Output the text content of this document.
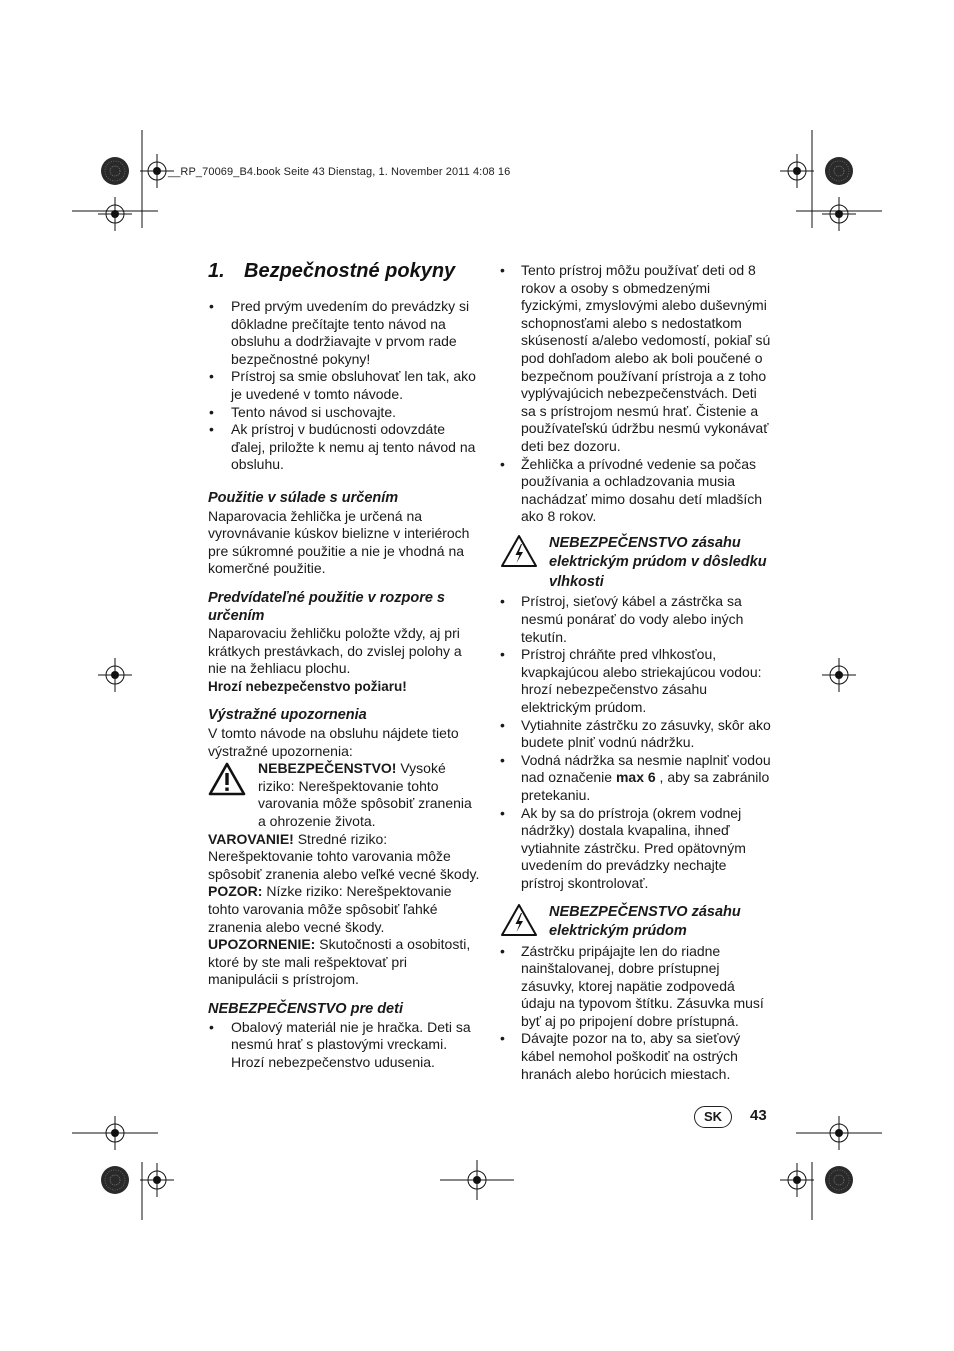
__RP_70069_B4.book Seite 43 Dienstag, 1. November 2011 4:08 16
1. Bezpečnostné pokyny
• Pred prvým uvedením do prevádzky si dôkladne prečítajte tento návod na obsluhu a dodržiavajte v prvom rade bezpečnostné pokyny!
• Prístroj sa smie obsluhovať len tak, ako je uvedené v tomto návode.
• Tento návod si uschovajte.
• Ak prístroj v budúcnosti odovzdáte ďalej, priložte k nemu aj tento návod na obsluhu.
Použitie v súlade s určením

Naparovacia žehlička je určená na vyrovnávanie kúskov bielizne v interiéroch pre súkromné použitie a nie je vhodná na komerčné použitie.

Predvídateľné použitie v rozpore s určením

Naparovaciu žehličku položte vždy, aj pri krátkych prestávkach, do zvislej polohy a nie na žehliacu plochu.

Hrozí nebezpečenstvo požiaru!

Výstražné upozornenia

V tomto návode na obsluhu nájdete tieto výstražné upozornenia:

NEBEZPEČENSTVO! Vysoké riziko: Nerešpektovanie tohto varovania môže spôsobiť zranenia a ohrozenie života.

VAROVANIE! Stredné riziko: Nerešpektovanie tohto varovania môže spôsobiť zranenia alebo veľké vecné škody.

POZOR: Nízke riziko: Nerešpektovanie tohto varovania môže spôsobiť ľahké zranenia alebo vecné škody.

UPOZORNENIE: Skutočnosti a osobitosti, ktoré by ste mali rešpektovať pri manipulácii s prístrojom.

NEBEZPEČENSTVO pre deti
• Obalový materiál nie je hračka. Deti sa nesmú hrať s plastovými vreckami. Hrozí nebezpečenstvo udusenia.
• Tento prístroj môžu používať deti od 8 rokov a osoby s obmedzenými fyzickými, zmyslovými alebo duševnými schopnosťami alebo s nedostatkom skúseností a/alebo vedomostí, pokiaľ sú pod dohľadom alebo ak boli poučené o bezpečnom používaní prístroja a z toho vyplývajúcich nebezpečenstvách. Deti sa s prístrojom nesmú hrať. Čistenie a používateľskú údržbu nesmú vykonávať deti bez dozoru.
• Žehlička a prívodné vedenie sa počas používania a ochladzovania musia nachádzať mimo dosahu detí mladších ako 8 rokov.
NEBEZPEČENSTVO zásahu elektrickým prúdom v dôsledku vlhkosti
• Prístroj, sieťový kábel a zástrčka sa nesmú ponárať do vody alebo iných tekutín.
• Prístroj chráňte pred vlhkosťou, kvapkajúcou alebo striekajúcou vodou: hrozí nebezpečenstvo zásahu elektrickým prúdom.
• Vytiahnite zástrčku zo zásuvky, skôr ako budete plniť vodnú nádržku.
• Vodná nádržka sa nesmie naplniť vodou nad označenie max 6 , aby sa zabránilo pretekaniu.
• Ak by sa do prístroja (okrem vodnej nádržky) dostala kvapalina, ihneď vytiahnite zástrčku. Pred opätovným uvedením do prevádzky nechajte prístroj skontrolovať.
NEBEZPEČENSTVO zásahu elektrickým prúdom
• Zástrčku pripájajte len do riadne nainštalovanej, dobre prístupnej zásuvky, ktorej napätie zodpovedá údaju na typovom štítku. Zásuvka musí byť aj po pripojení dobre prístupná.
• Dávajte pozor na to, aby sa sieťový kábel nemohol poškodiť na ostrých hranách alebo horúcich miestach.
SK	43
